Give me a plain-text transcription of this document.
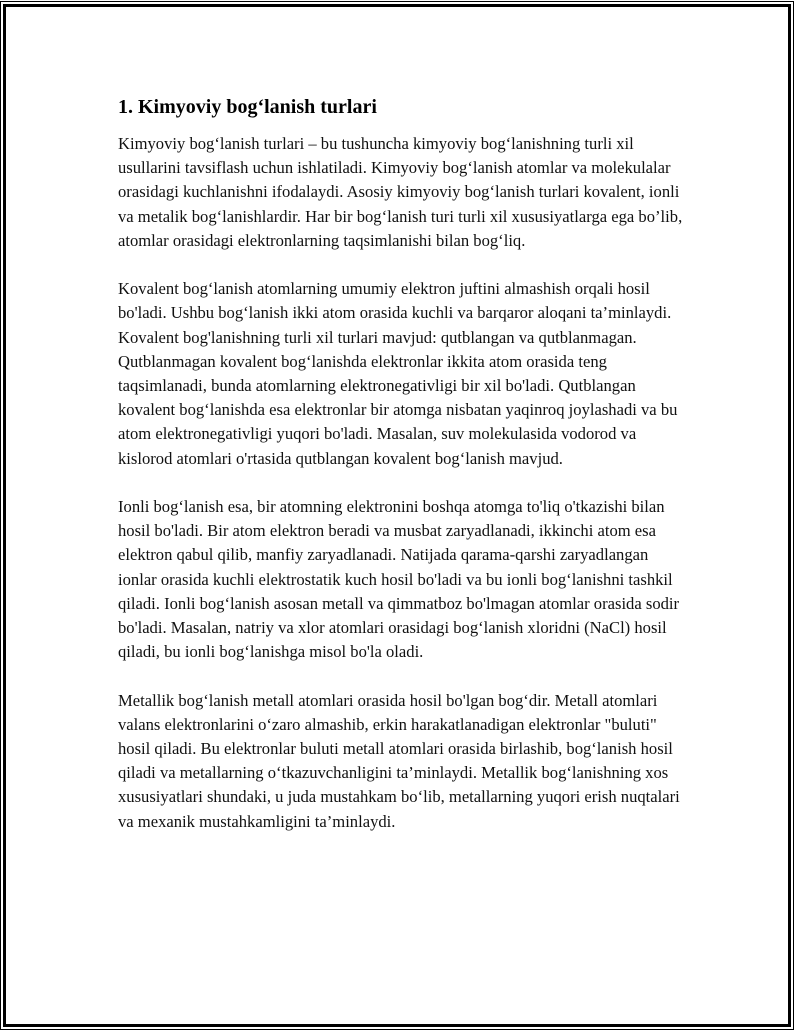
1. Kimyoviy bog‘lanish turlari

Kimyoviy bog‘lanish turlari – bu tushuncha kimyoviy bog‘lanishning turli xil usullarini tavsiflash uchun ishlatiladi. Kimyoviy bog‘lanish atomlar va molekulalar orasidagi kuchlanishni ifodalaydi. Asosiy kimyoviy bog‘lanish turlari kovalent, ionli va metalik bog‘lanishlardir. Har bir bog‘lanish turi turli xil xususiyatlarga ega bo’lib, atomlar orasidagi elektronlarning taqsimlanishi bilan bog‘liq.

Kovalent bog‘lanish atomlarning umumiy elektron juftini almashish orqali hosil bo'ladi. Ushbu bog‘lanish ikki atom orasida kuchli va barqaror aloqani ta’minlaydi. Kovalent bog'lanishning turli xil turlari mavjud: qutblangan va qutblanmagan. Qutblanmagan kovalent bog‘lanishda elektronlar ikkita atom orasida teng taqsimlanadi, bunda atomlarning elektronegativligi bir xil bo'ladi. Qutblangan kovalent bog‘lanishda esa elektronlar bir atomga nisbatan yaqinroq joylashadi va bu atom elektronegativligi yuqori bo'ladi. Masalan, suv molekulasida vodorod va kislorod atomlari o'rtasida qutblangan kovalent bog‘lanish mavjud.

Ionli bog‘lanish esa, bir atomning elektronini boshqa atomga to'liq o'tkazishi bilan hosil bo'ladi. Bir atom elektron beradi va musbat zaryadlanadi, ikkinchi atom esa elektron qabul qilib, manfiy zaryadlanadi. Natijada qarama-qarshi zaryadlangan ionlar orasida kuchli elektrostatik kuch hosil bo'ladi va bu ionli bog‘lanishni tashkil qiladi. Ionli bog‘lanish asosan metall va qimmatboz bo'lmagan atomlar orasida sodir bo'ladi. Masalan, natriy va xlor atomlari orasidagi bog‘lanish xloridni (NaCl) hosil qiladi, bu ionli bog‘lanishga misol bo'la oladi.

Metallik bog‘lanish metall atomlari orasida hosil bo'lgan bog‘dir. Metall atomlari valans elektronlarini o‘zaro almashib, erkin harakatlanadigan elektronlar "buluti" hosil qiladi. Bu elektronlar buluti metall atomlari orasida birlashib, bog‘lanish hosil qiladi va metallarning o‘tkazuvchanligini ta’minlaydi. Metallik bog‘lanishning xos xususiyatlari shundaki, u juda mustahkam bo‘lib, metallarning yuqori erish nuqtalari va mexanik mustahkamligini ta’minlaydi.
